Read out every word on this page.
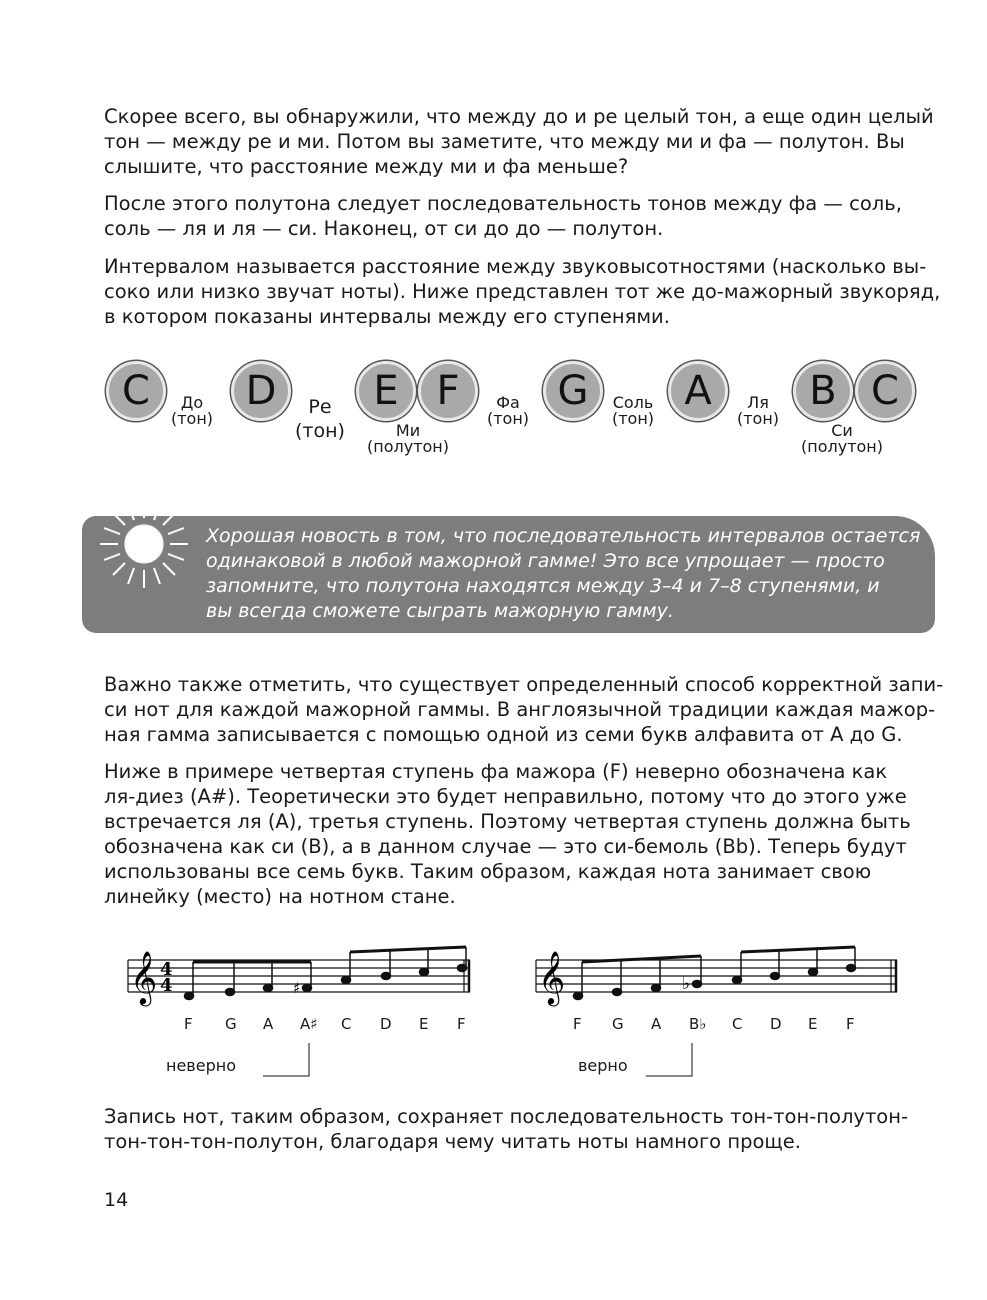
Скорее всего, вы обнаружили, что между до и ре целый тон, а еще один целый
тон — между ре и ми. Потом вы заметите, что между ми и фа — полутон. Вы
слышите, что расстояние между ми и фа меньше?
После этого полутона следует последовательность тонов между фа — соль,
соль — ля и ля — си. Наконец, от си до до — полутон.
Интервалом называется расстояние между звуковысотностями (насколько вы-
соко или низко звучат ноты). Ниже представлен тот же до-мажорный звукоряд,
в котором показаны интервалы между его ступенями.
C	D	E F	G	A	B C
До
(тон)
Ре
(тон)	Ми
(полутон)
Фа
(тон)
Соль
(тон)
Ля
(тон)
Си
(полутон)
Хорошая новость в том, что последовательность интервалов остается
одинаковой в любой мажорной гамме! Это все упрощает — просто
запомните, что полутона находятся между 3–4 и 7–8 ступенями, и
вы всегда сможете сыграть мажорную гамму.
Важно также отметить, что существует определенный способ корректной запи-
си нот для каждой мажорной гаммы. В англоязычной традиции каждая мажор-
ная гамма записывается с помощью одной из семи букв алфавита от A до G.
Ниже в примере четвертая ступень фа мажора (F) неверно обозначена как
ля-диез (A#). Теоретически это будет неправильно, потому что до этого уже
встречается ля (A), третья ступень. Поэтому четвертая ступень должна быть
обозначена как си (B), а в данном случае — это си-бемоль (Bb). Теперь будут
использованы все семь букв. Таким образом, каждая нота занимает свою
линейку (место) на нотном стане.
𝄞	𝄞
4
4	♯	♭
F G A A♯ C D E F	F G A B♭ C D E F
неверно	верно
Запись нот, таким образом, сохраняет последовательность тон-тон-полутон-
тон-тон-тон-полутон, благодаря чему читать ноты намного проще.
14
